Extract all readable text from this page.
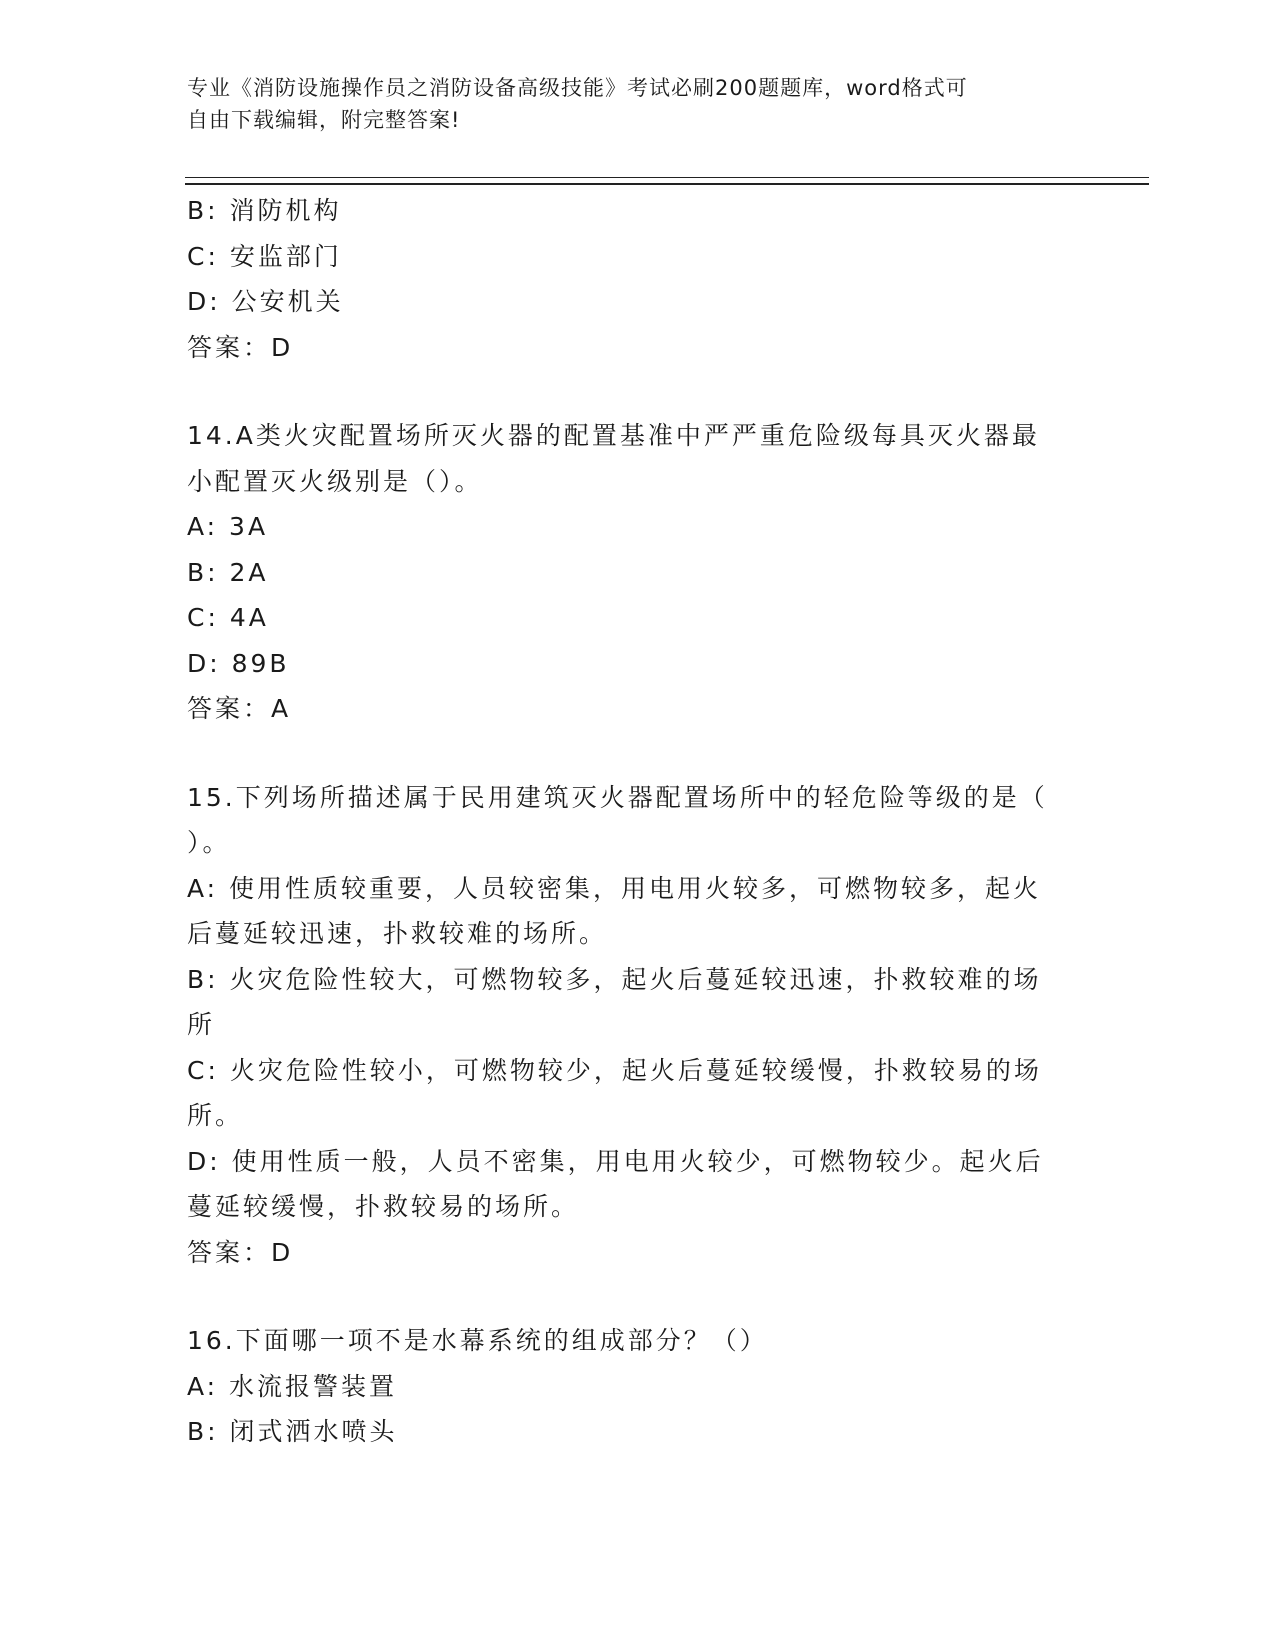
专业《消防设施操作员之消防设备高级技能》考试必刷200题题库，word格式可
自由下载编辑，附完整答案!
B: 消防机构
C: 安监部门
D: 公安机关
答案：D
14.A类火灾配置场所灭火器的配置基准中严严重危险级每具灭火器最
小配置灭火级别是（）。
A: 3A
B: 2A
C: 4A
D: 89B
答案：A
15.下列场所描述属于民用建筑灭火器配置场所中的轻危险等级的是（
）。
A: 使用性质较重要，人员较密集，用电用火较多，可燃物较多，起火
后蔓延较迅速，扑救较难的场所。
B: 火灾危险性较大，可燃物较多，起火后蔓延较迅速，扑救较难的场
所
C: 火灾危险性较小，可燃物较少，起火后蔓延较缓慢，扑救较易的场
所。
D: 使用性质一般，人员不密集，用电用火较少，可燃物较少。起火后
蔓延较缓慢，扑救较易的场所。
答案：D
16.下面哪一项不是水幕系统的组成部分？（）
A: 水流报警装置
B: 闭式洒水喷头
